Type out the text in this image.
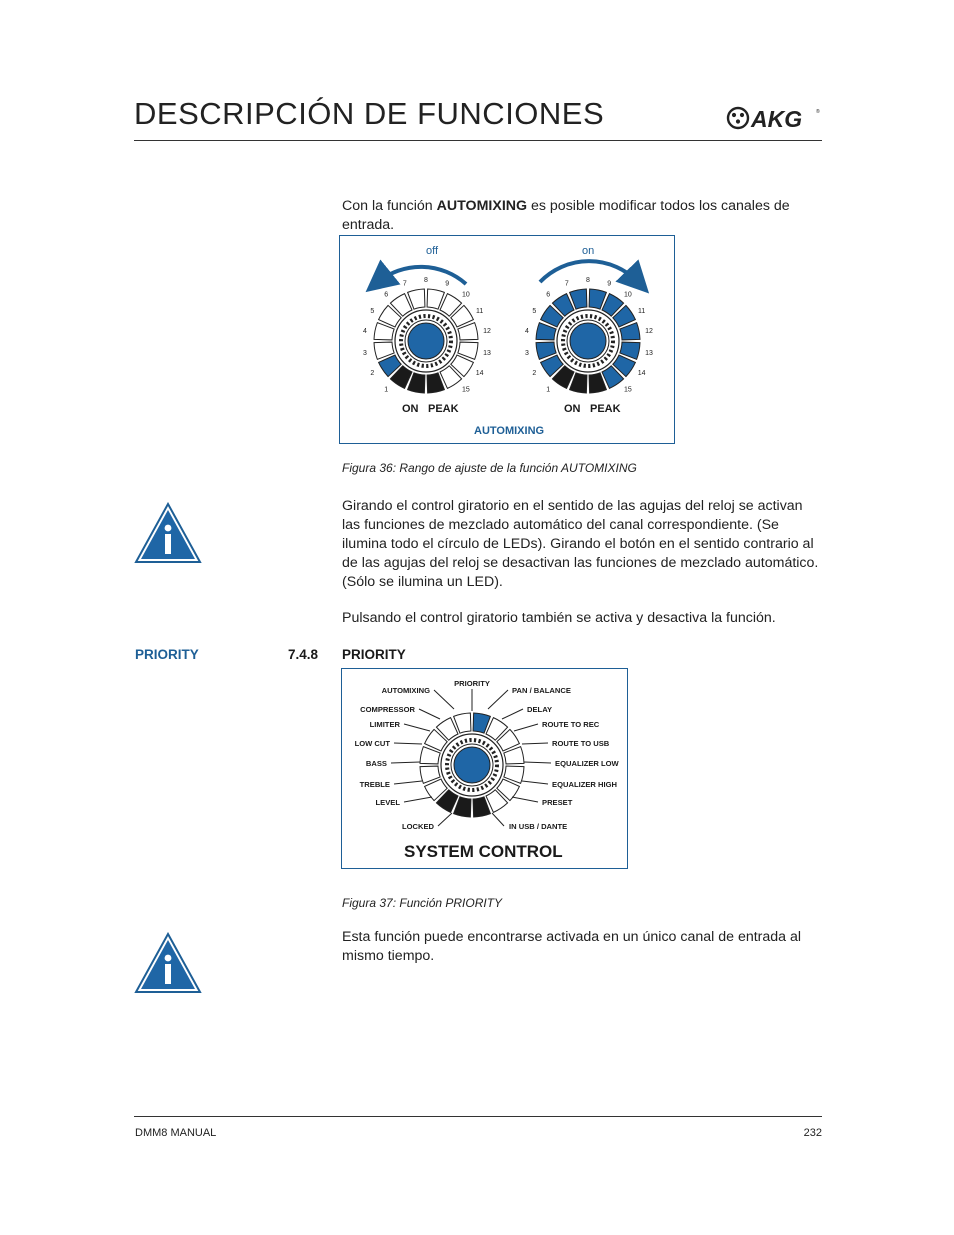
DESCRIPCIÓN DE FUNCIONES	AKG	®
Con la función AUTOMIXING es posible modificar todos los canales de entrada.
off	on
1
2
3
4
5
6
7
8
9
10
11
12
13
14
15	1
2
3
4
5
6
7
8
9
10
11
12
13
14
15
ON PEAK	ON PEAK
AUTOMIXING
Figura 36: Rango de ajuste de la función AUTOMIXING
Girando el control giratorio en el sentido de las agujas del reloj se activan las funciones de mezclado automático del canal correspondiente. (Se ilumina todo el círculo de LEDs). Girando el botón en el sentido contrario al de las agujas del reloj se desactivan las funciones de mezclado automático. (Sólo se ilumina un LED).
Pulsando el control giratorio también se activa y desactiva la función.
PRIORITY	7.4.8 PRIORITY
AUTOMIXING
COMPRESSOR
LIMITER
LOW CUT
BASS
TREBLE
LEVEL
LOCKED
PAN / BALANCE
DELAY
ROUTE TO REC
ROUTE TO USB
EQUALIZER LOW
EQUALIZER HIGH
PRESET
IN USB / DANTE
PRIORITY
SYSTEM CONTROL
Figura 37: Función PRIORITY
Esta función puede encontrarse activada en un único canal de entrada al mismo tiempo.
DMM8 MANUAL	232
